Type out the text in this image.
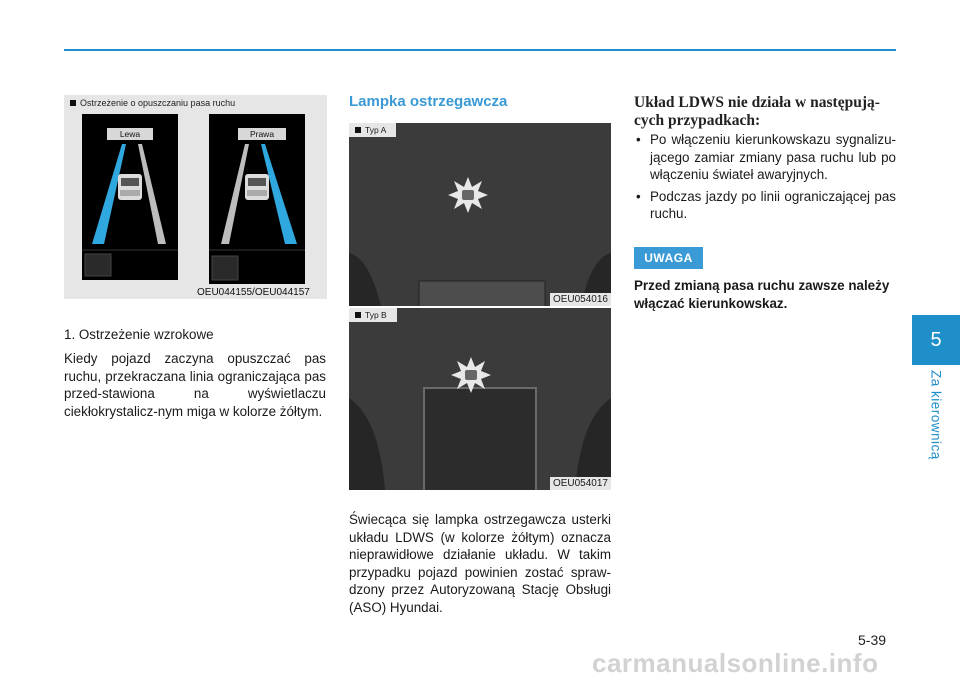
Ostrzeżenie o opuszczaniu pasa ruchu
Lewa	Prawa
OEU044155/OEU044157
1. Ostrzeżenie wzrokowe
Kiedy pojazd zaczyna opuszczać pas ruchu, przekraczana linia ograniczająca pas przed-stawiona na wyświetlaczu ciekłokrystalicz-nym miga w kolorze żółtym.
Lampka ostrzegawcza
Typ A
OEU054016
Typ B
OEU054017
Świecąca się lampka ostrzegawcza usterki układu LDWS (w kolorze żółtym) oznacza nieprawidłowe działanie układu. W takim przypadku pojazd powinien zostać spraw-dzony przez Autoryzowaną Stację Obsługi (ASO) Hyundai.
Układ LDWS nie działa w następują-cych przypadkach:
• Po włączeniu kierunkowskazu sygnalizu-jącego zamiar zmiany pasa ruchu lub po włączeniu świateł awaryjnych.
• Podczas jazdy po linii ograniczającej pas ruchu.
UWAGA
Przed zmianą pasa ruchu zawsze należy włączać kierunkowskaz.
5
Za kierownicą
5-39
carmanualsonline.info
